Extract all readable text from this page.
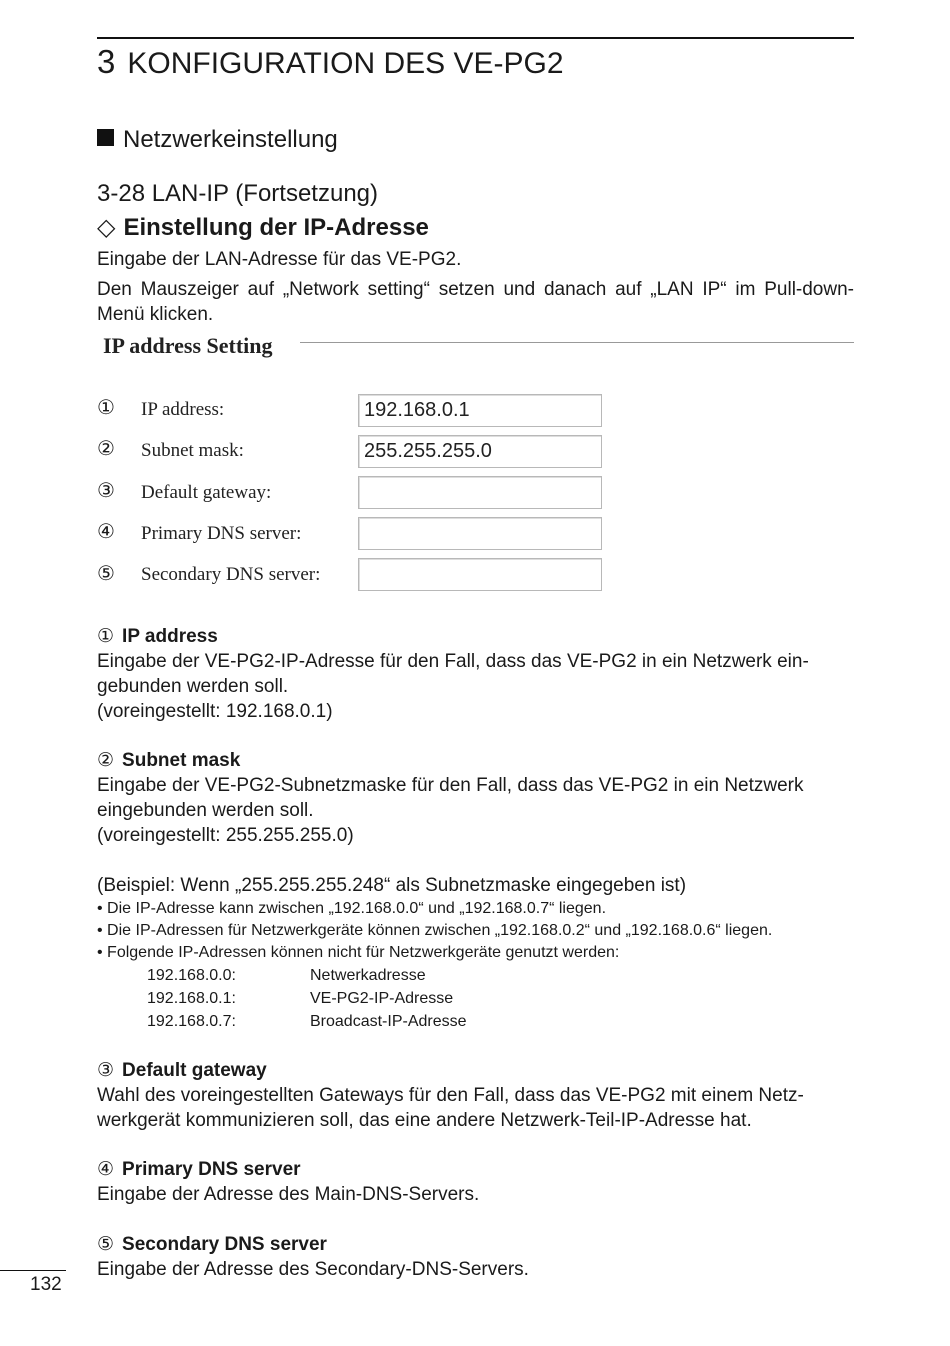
3 KONFIGURATION DES VE-PG2
Netzwerkeinstellung
3-28 LAN-IP (Fortsetzung)
◇ Einstellung der IP-Adresse
Eingabe der LAN-Adresse für das VE-PG2.
Den Mauszeiger auf „Network setting“ setzen und danach auf „LAN IP“ im Pull-down-Menü klicken.
IP address Setting
① IP address:	192.168.0.1
② Subnet mask:	255.255.255.0
③ Default gateway:
④ Primary DNS server:
⑤ Secondary DNS server:
① IP address
Eingabe der VE-PG2-IP-Adresse für den Fall, dass das VE-PG2 in ein Netzwerk ein-
gebunden werden soll.
(voreingestellt: 192.168.0.1)
② Subnet mask
Eingabe der VE-PG2-Subnetzmaske für den Fall, dass das VE-PG2 in ein Netzwerk
eingebunden werden soll.
(voreingestellt: 255.255.255.0)
(Beispiel: Wenn „255.255.255.248“ als Subnetzmaske eingegeben ist)
• Die IP-Adresse kann zwischen „192.168.0.0“ und „192.168.0.7“ liegen.
• Die IP-Adressen für Netzwerkgeräte können zwischen „192.168.0.2“ und „192.168.0.6“ liegen.
• Folgende IP-Adressen können nicht für Netzwerkgeräte genutzt werden:
192.168.0.0:	Netwerkadresse
192.168.0.1:	VE-PG2-IP-Adresse
192.168.0.7:	Broadcast-IP-Adresse
③ Default gateway
Wahl des voreingestellten Gateways für den Fall, dass das VE-PG2 mit einem Netz-
werkgerät kommunizieren soll, das eine andere Netzwerk-Teil-IP-Adresse hat.
④ Primary DNS server
Eingabe der Adresse des Main-DNS-Servers.
⑤ Secondary DNS server
Eingabe der Adresse des Secondary-DNS-Servers.
132
